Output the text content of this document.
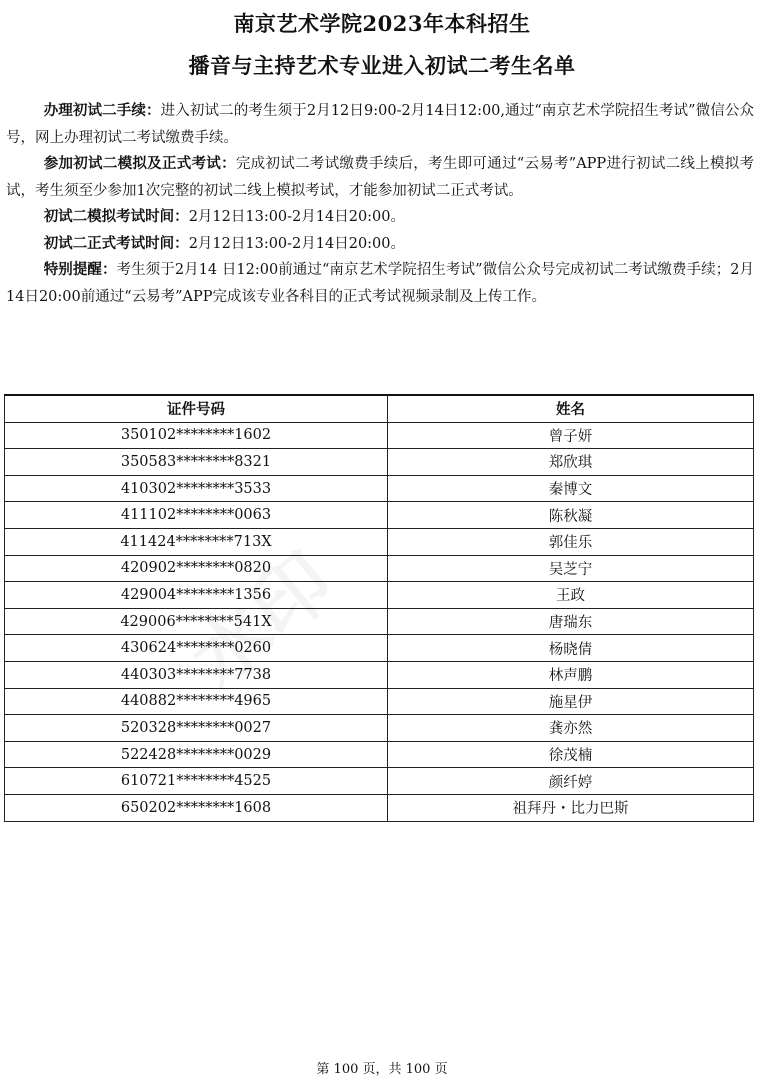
南京艺术学院2023年本科招生
播音与主持艺术专业进入初试二考生名单

办理初试二手续：进入初试二的考生须于2月12日9:00-2月14日12:00,通过“南京艺术学院招生考试”微信公众号，网上办理初试二考试缴费手续。

参加初试二模拟及正式考试：完成初试二考试缴费手续后，考生即可通过“云易考”APP进行初试二线上模拟考试，考生须至少参加1次完整的初试二线上模拟考试，才能参加初试二正式考试。

初试二模拟考试时间：2月12日13:00-2月14日20:00。

初试二正式考试时间：2月12日13:00-2月14日20:00。

特别提醒：考生须于2月14 日12:00前通过“南京艺术学院招生考试”微信公众号完成初试二考试缴费手续；2月14日20:00前通过“云易考”APP完成该专业各科目的正式考试视频录制及上传工作。

证件号码	姓名
350102********1602	曾子妍
350583********8321	郑欣琪
410302********3533	秦博文
411102********0063	陈秋凝
411424********713X	郭佳乐
420902********0820	吴芝宁
429004********1356	王政
429006********541X	唐瑞东
430624********0260	杨晓倩
440303********7738	林声鹏
440882********4965	施星伊
520328********0027	龚亦然
522428********0029	徐茂楠
610721********4525	颜纤婷
650202********1608	祖拜丹・比力巴斯
第 100 页，共 100 页
